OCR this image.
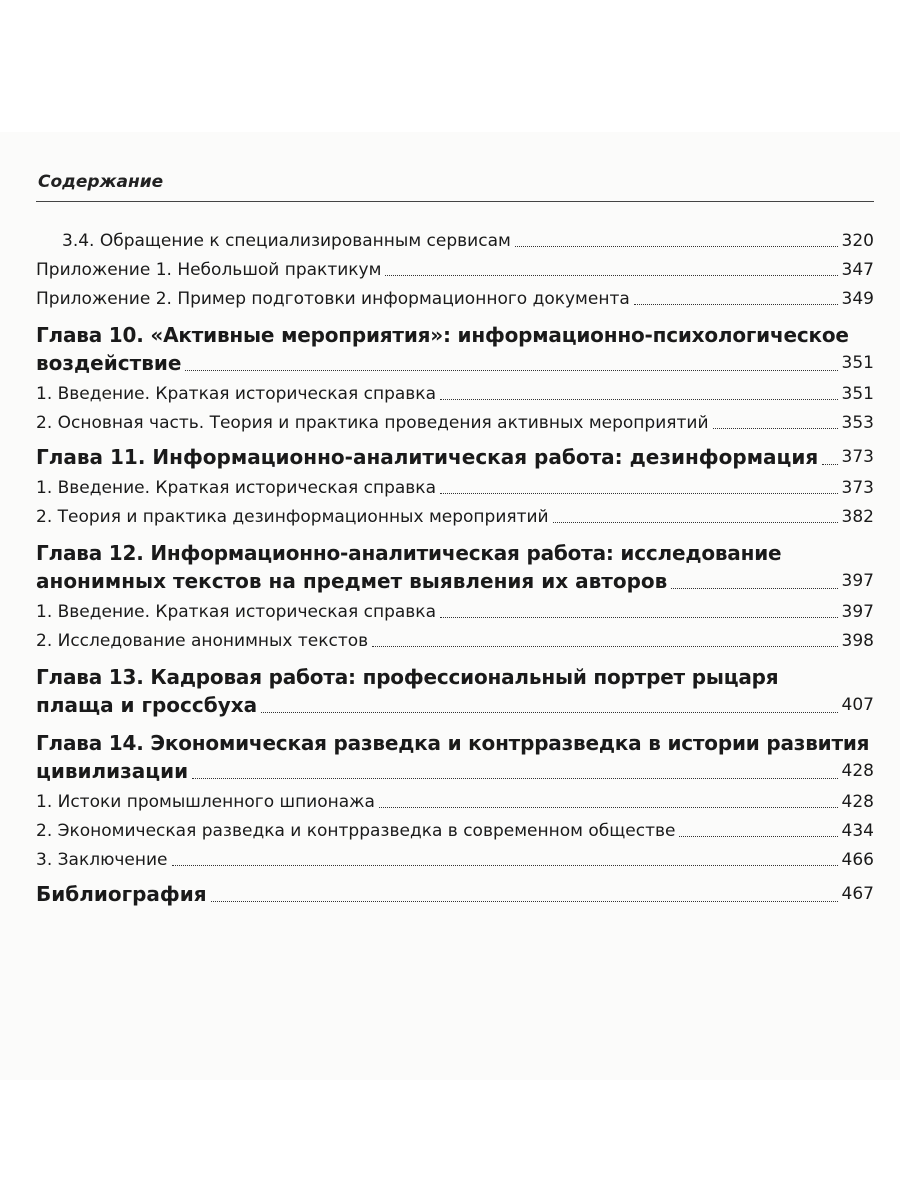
Содержание
3.4. Обращение к специализированным сервисам	320
Приложение 1. Небольшой практикум	347
Приложение 2. Пример подготовки информационного документа	349
Глава 10. «Активные мероприятия»: информационно-психологическое
воздействие	351
1. Введение. Краткая историческая справка	351
2. Основная часть. Теория и практика проведения активных мероприятий	353
Глава 11. Информационно-аналитическая работа: дезинформация 373
1. Введение. Краткая историческая справка	373
2. Теория и практика дезинформационных мероприятий	382
Глава 12. Информационно-аналитическая работа: исследование
анонимных текстов на предмет выявления их авторов	397
1. Введение. Краткая историческая справка	397
2. Исследование анонимных текстов	398
Глава 13. Кадровая работа: профессиональный портрет рыцаря
плаща и гроссбуха	407
Глава 14. Экономическая разведка и контрразведка в истории развития
цивилизации	428
1. Истоки промышленного шпионажа	428
2. Экономическая разведка и контрразведка в современном обществе	434
3. Заключение	466
Библиография	467
